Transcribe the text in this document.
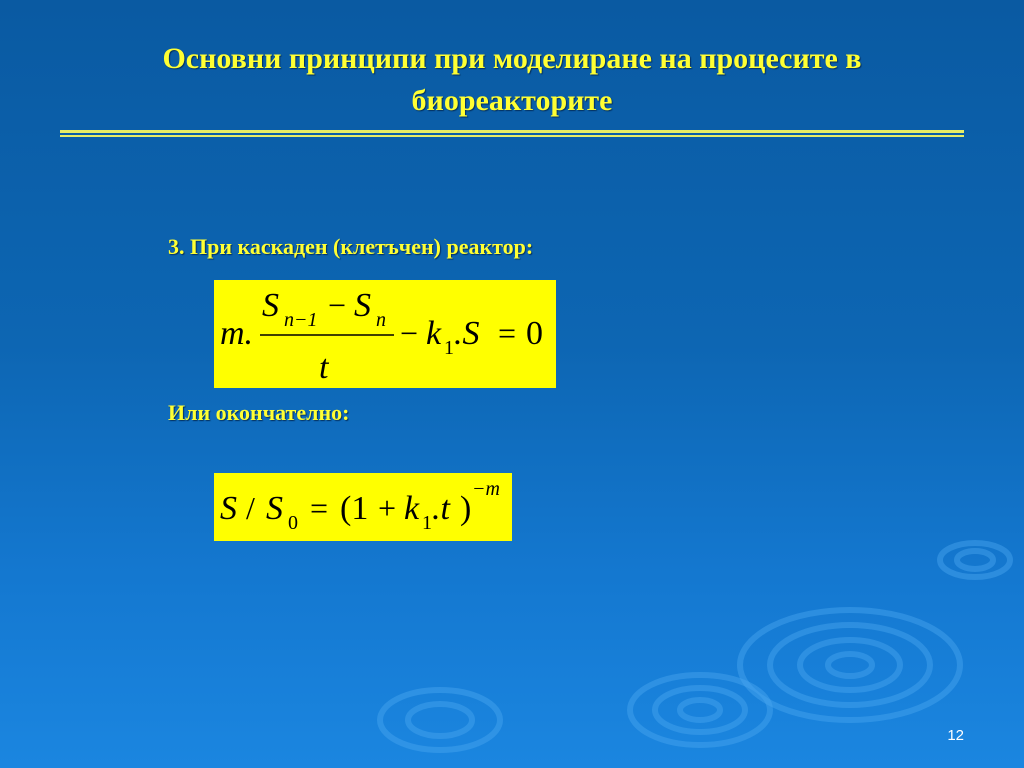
Основни принципи при моделиране на процесите в биореакторите
3. При каскаден (клетъчен) реактор:
m.
S n−1 − S n
t
− k 1 .S = 0
Или окончателно:
S / S 0 = (1 + k 1 .t )
−m
12
